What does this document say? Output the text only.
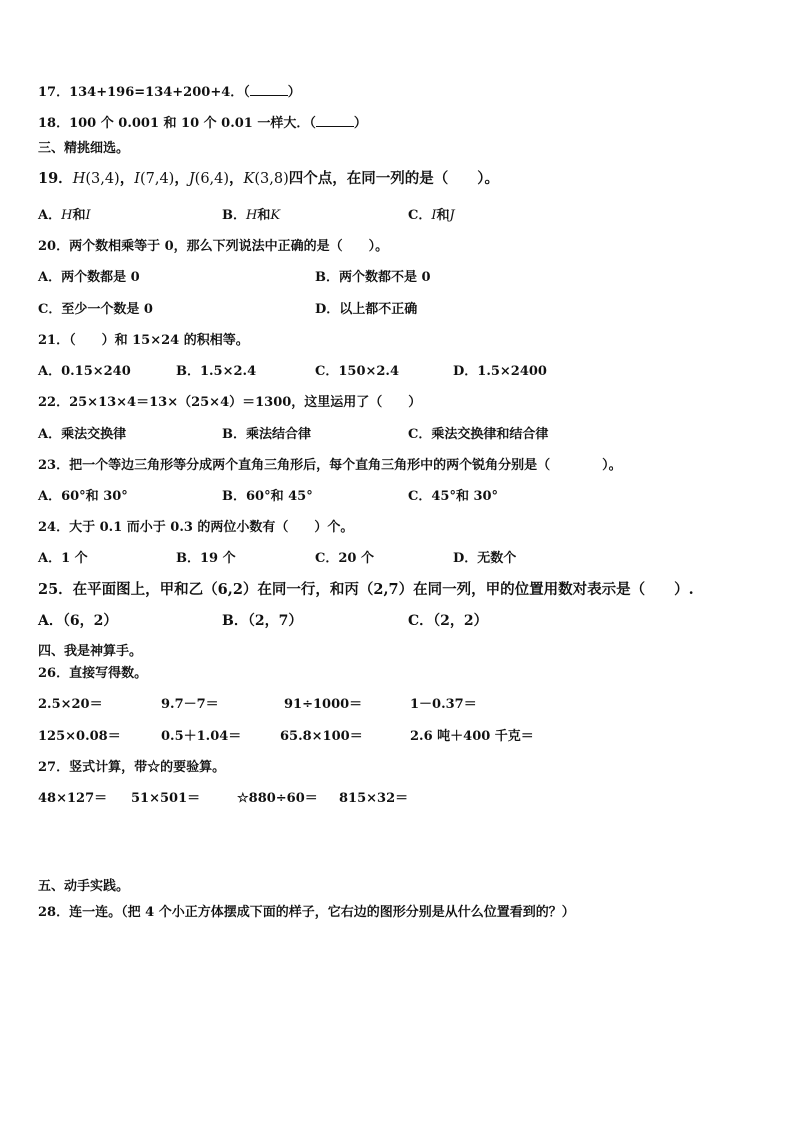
17．134+196=134+200+4．（	）
18．100 个 0.001 和 10 个 0.01 一样大．（	）
三、精挑细选。
19．H(3,4)，I(7,4)，J(6,4)，K(3,8)四个点，在同一列的是（　　）。
A．H和I	B．H和K	C．I和J
20．两个数相乘等于 0，那么下列说法中正确的是（　　）。
A．两个数都是 0	B．两个数都不是 0
C．至少一个数是 0	D．以上都不正确
21．（　　）和 15×24 的积相等。
A．0.15×240	B．1.5×2.4	C．150×2.4	D．1.5×2400
22．25×13×4＝13×（25×4）＝1300，这里运用了（　　）
A．乘法交换律	B．乘法结合律	C．乘法交换律和结合律
23．把一个等边三角形等分成两个直角三角形后，每个直角三角形中的两个锐角分别是（　　　　）。
A．60°和 30°	B．60°和 45°	C．45°和 30°
24．大于 0.1 而小于 0.3 的两位小数有（　　）个。
A．1 个	B．19 个	C．20 个	D．无数个
25．在平面图上，甲和乙（6,2）在同一行，和丙（2,7）在同一列，甲的位置用数对表示是（　　）.
A．（6，2）	B．（2，7）	C．（2，2）
四、我是神算手。
26．直接写得数。
2.5×20＝	9.7－7＝	91÷1000＝	1－0.37＝
125×0.08＝	0.5＋1.04＝	65.8×100＝	2.6 吨＋400 千克＝
27．竖式计算，带☆的要验算。
48×127＝ 51×501＝	☆880÷60＝ 815×32＝
五、动手实践。
28．连一连。（把 4 个小正方体摆成下面的样子，它右边的图形分别是从什么位置看到的？）
